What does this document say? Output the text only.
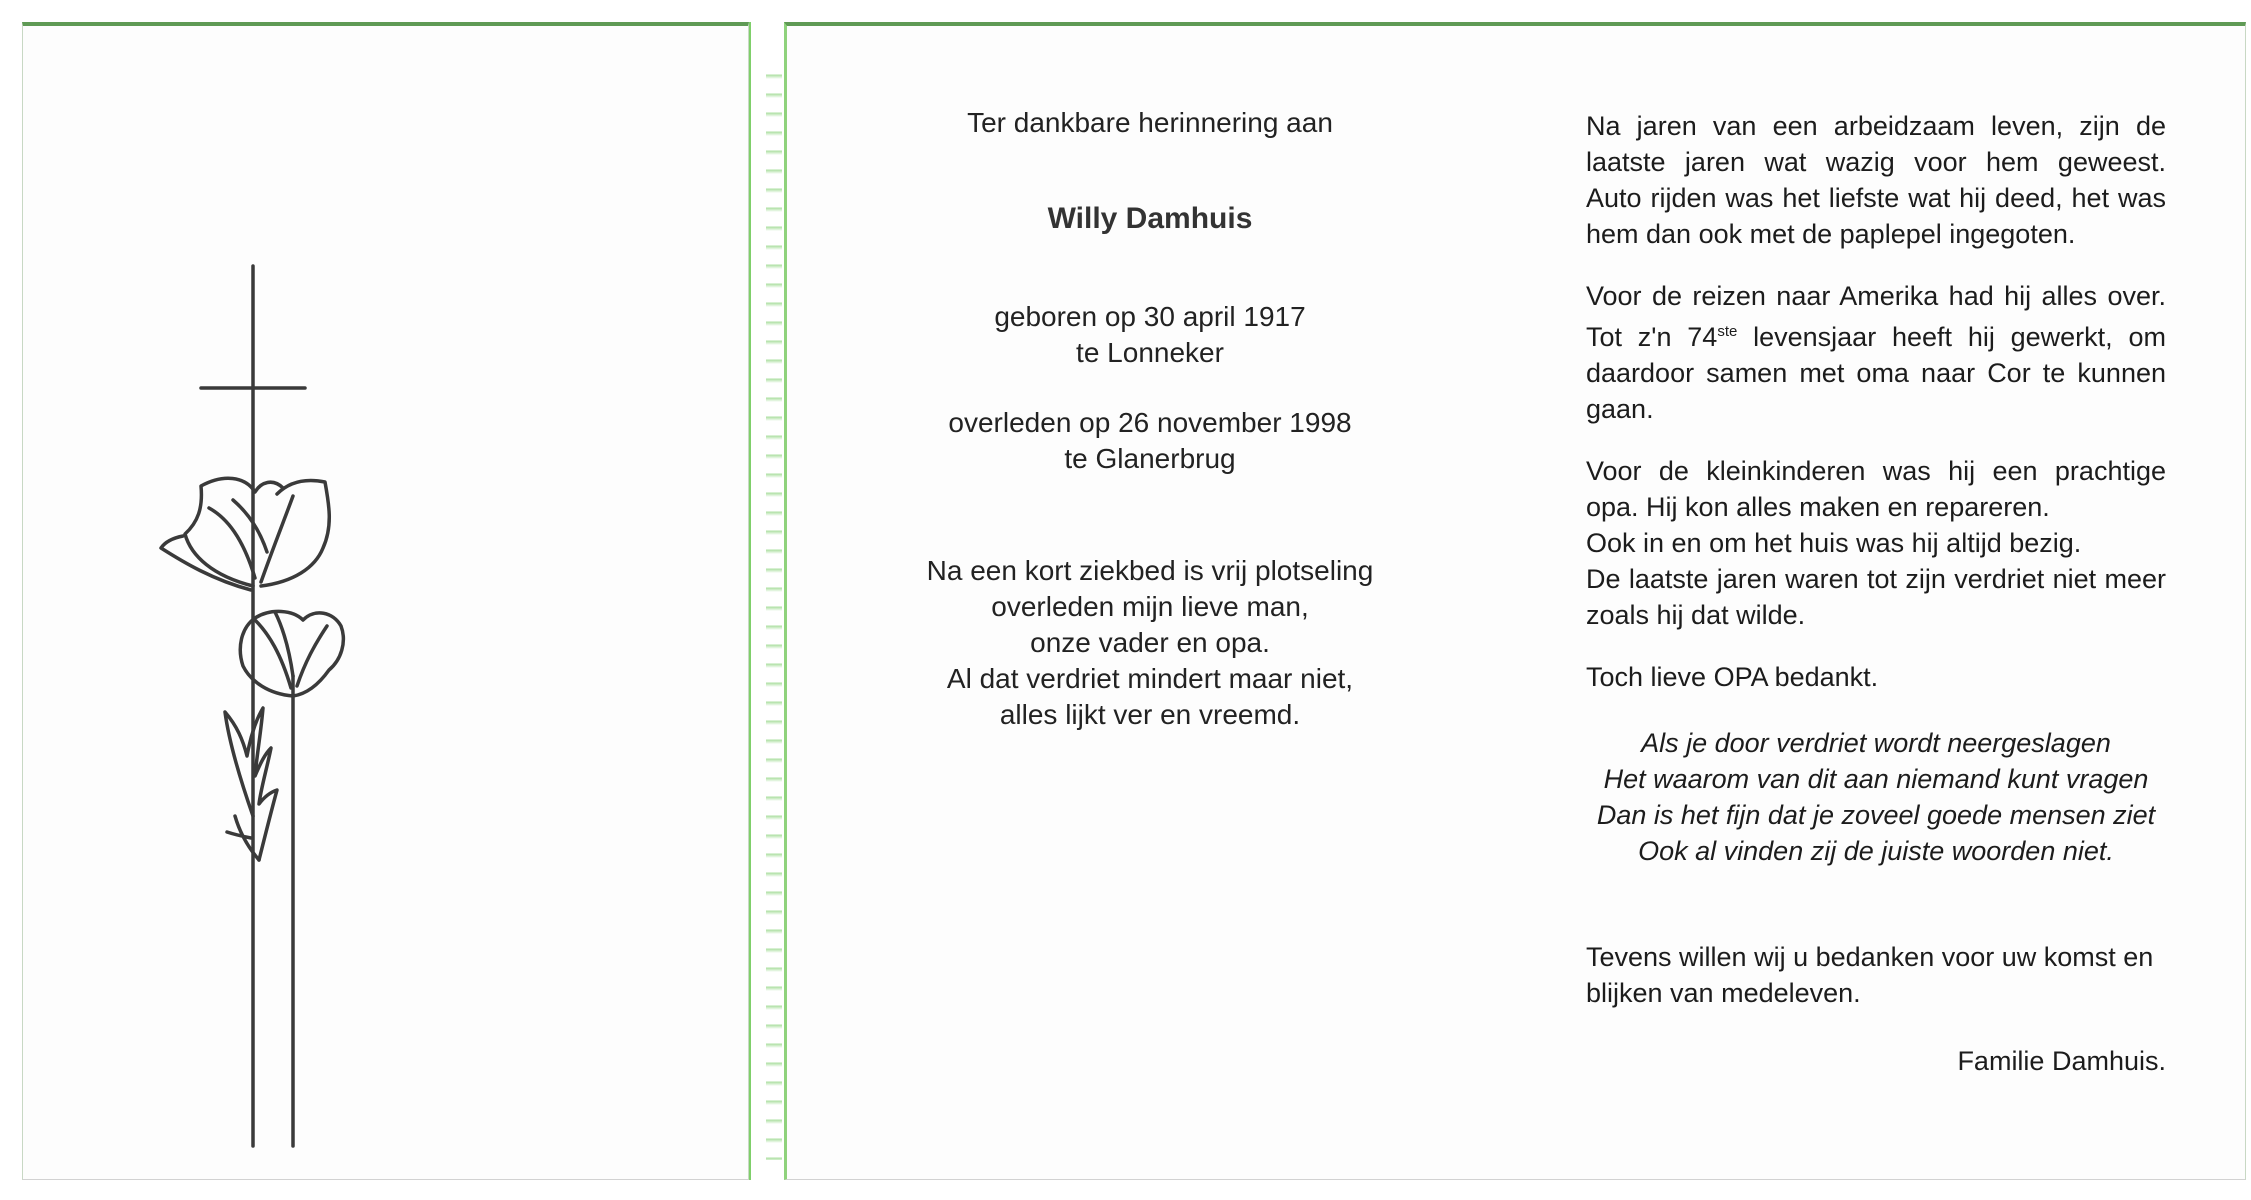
Ter dankbare herinnering aan

Willy Damhuis

geboren op 30 april 1917

te Lonneker

overleden op 26 november 1998

te Glanerbrug

Na een kort ziekbed is vrij plotseling

overleden mijn lieve man,

onze vader en opa.

Al dat verdriet mindert maar niet,

alles lijkt ver en vreemd.

Na jaren van een arbeidzaam leven, zijn de
laatste jaren wat wazig voor hem geweest.
Auto rijden was het liefste wat hij deed, het was
hem dan ook met de paplepel ingegoten.
Voor de reizen naar Amerika had hij alles over.
Tot z'n 74ste levensjaar heeft hij gewerkt, om
daardoor samen met oma naar Cor te kunnen
gaan.
Voor de kleinkinderen was hij een prachtige
opa. Hij kon alles maken en repareren.
Ook in en om het huis was hij altijd bezig.
De laatste jaren waren tot zijn verdriet niet meer
zoals hij dat wilde.

Toch lieve OPA bedankt.

Als je door verdriet wordt neergeslagen
Het waarom van dit aan niemand kunt vragen
Dan is het fijn dat je zoveel goede mensen ziet
Ook al vinden zij de juiste woorden niet.
Tevens willen wij u bedanken voor uw komst en
blijken van medeleven.

Familie Damhuis.
